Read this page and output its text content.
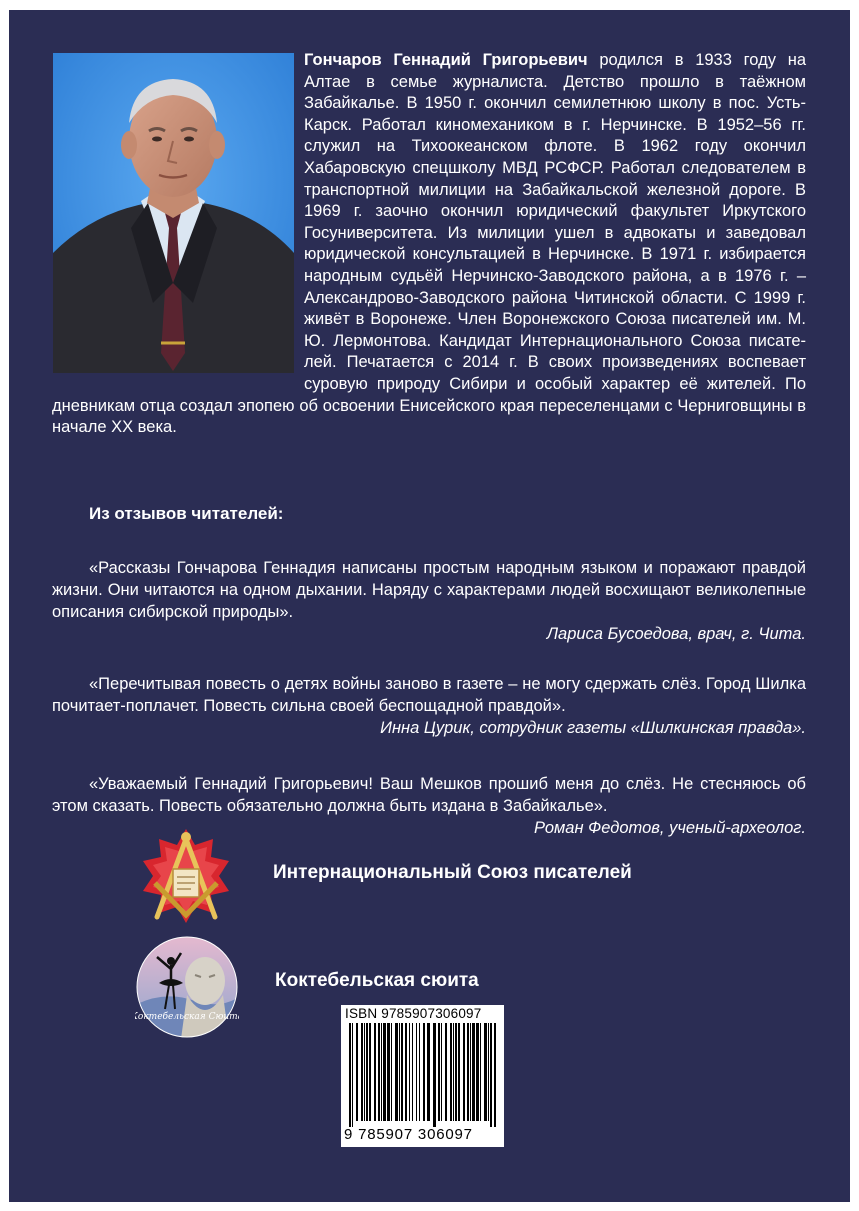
Гончаров Геннадий Григорьевич родился в 1933 году на Алтае в семье журналиста. Детство прошло в таёжном Забайкалье. В 1950 г. окончил семилетнюю школу в пос. Усть-Карск. Работал киномехаником в г. Нерчинске. В 1952–56 гг. служил на Тихоокеанском флоте. В 1962 году окончил Хабаровскую спецшколу МВД РСФСР. Работал следователем в транспортной милиции на Забайкальской железной дороге. В 1969 г. заочно окончил юридический факультет Иркутского Госуниверситета. Из милиции ушел в адвокаты и заведовал юридической консультацией в Нерчинске. В 1971 г. избирается народным судьёй Нерчинско-Заводского района, а в 1976 г. – Александрово-Заводского района Читинской области. С 1999 г. живёт в Воронеже. Член Воронежского Союза писателей им. М. Ю. Лермонтова. Кандидат Интернационального Союза писателей. Печатается с 2014 г. В своих произведениях воспевает суровую природу Сибири и особый характер её жителей. По дневникам отца создал эпопею об освоении Енисейского края переселенцами с Черниговщины в начале ХХ века.

Из отзывов читателей:

«Рассказы Гончарова Геннадия написаны простым народным языком и поражают правдой жизни. Они читаются на одном дыхании. Наряду с характерами людей восхищают великолепные описания сибирской природы».

Лариса Бусоедова, врач, г. Чита.

«Перечитывая повесть о детях войны заново в газете – не могу сдержать слёз. Город Шилка почитает-поплачет. Повесть сильна своей беспощадной правдой».

Инна Цурик, сотрудник газеты «Шилкинская правда».

«Уважаемый Геннадий Григорьевич! Ваш Мешков прошиб меня до слёз. Не стесняюсь об этом сказать. Повесть обязательно должна быть издана в Забайкалье».

Роман Федотов, ученый-археолог.

Интернациональный Союз писателей

Коктебельская Сюита

Коктебельская сюита

ISBN 9785907306097
9 785907 306097
